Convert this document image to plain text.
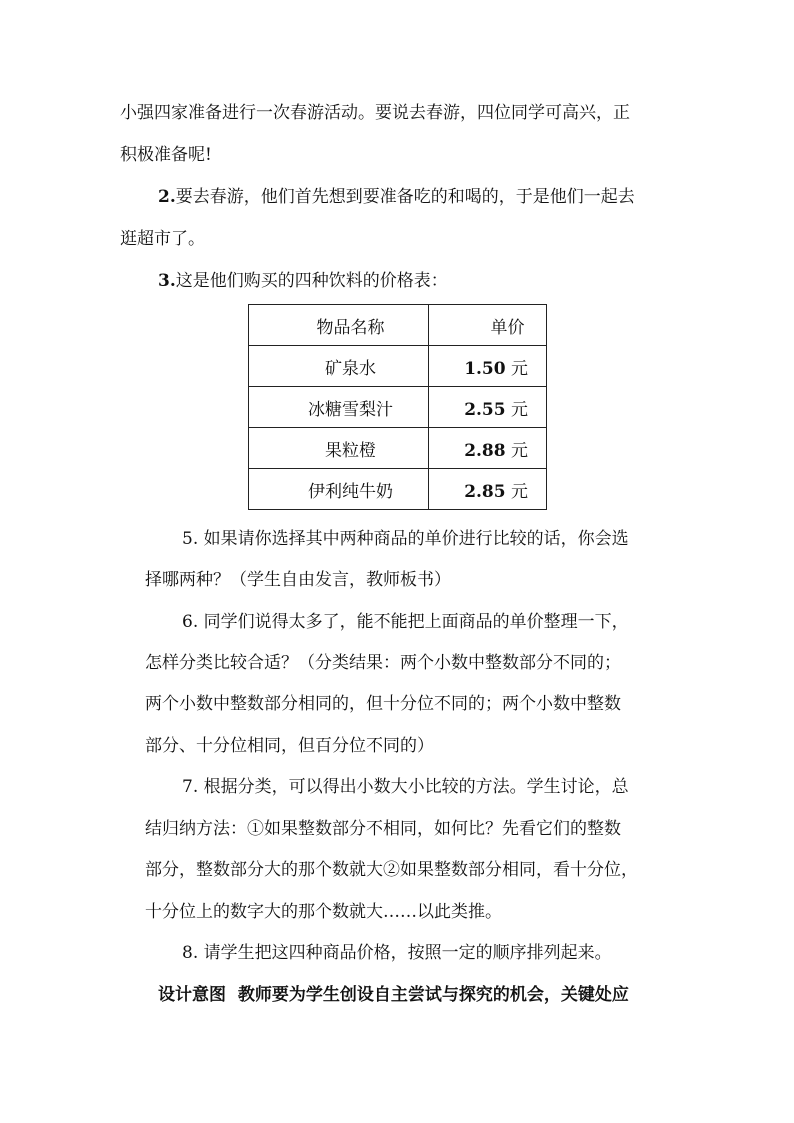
小强四家准备进行一次春游活动。要说去春游，四位同学可高兴，正
积极准备呢!
2.要去春游，他们首先想到要准备吃的和喝的，于是他们一起去
逛超市了。
3.这是他们购买的四种饮料的价格表：
物品名称	单价
矿泉水	1.50 元
冰糖雪梨汁	2.55 元
果粒橙	2.88 元
伊利纯牛奶	2.85 元
5. 如果请你选择其中两种商品的单价进行比较的话，你会选
择哪两种？（学生自由发言，教师板书）
6. 同学们说得太多了，能不能把上面商品的单价整理一下，
怎样分类比较合适？（分类结果：两个小数中整数部分不同的；
两个小数中整数部分相同的，但十分位不同的；两个小数中整数
部分、十分位相同，但百分位不同的）
7. 根据分类，可以得出小数大小比较的方法。学生讨论，总
结归纳方法：①如果整数部分不相同，如何比？先看它们的整数
部分，整数部分大的那个数就大②如果整数部分相同，看十分位，
十分位上的数字大的那个数就大……以此类推。
8. 请学生把这四种商品价格，按照一定的顺序排列起来。
设计意图  教师要为学生创设自主尝试与探究的机会，关键处应
